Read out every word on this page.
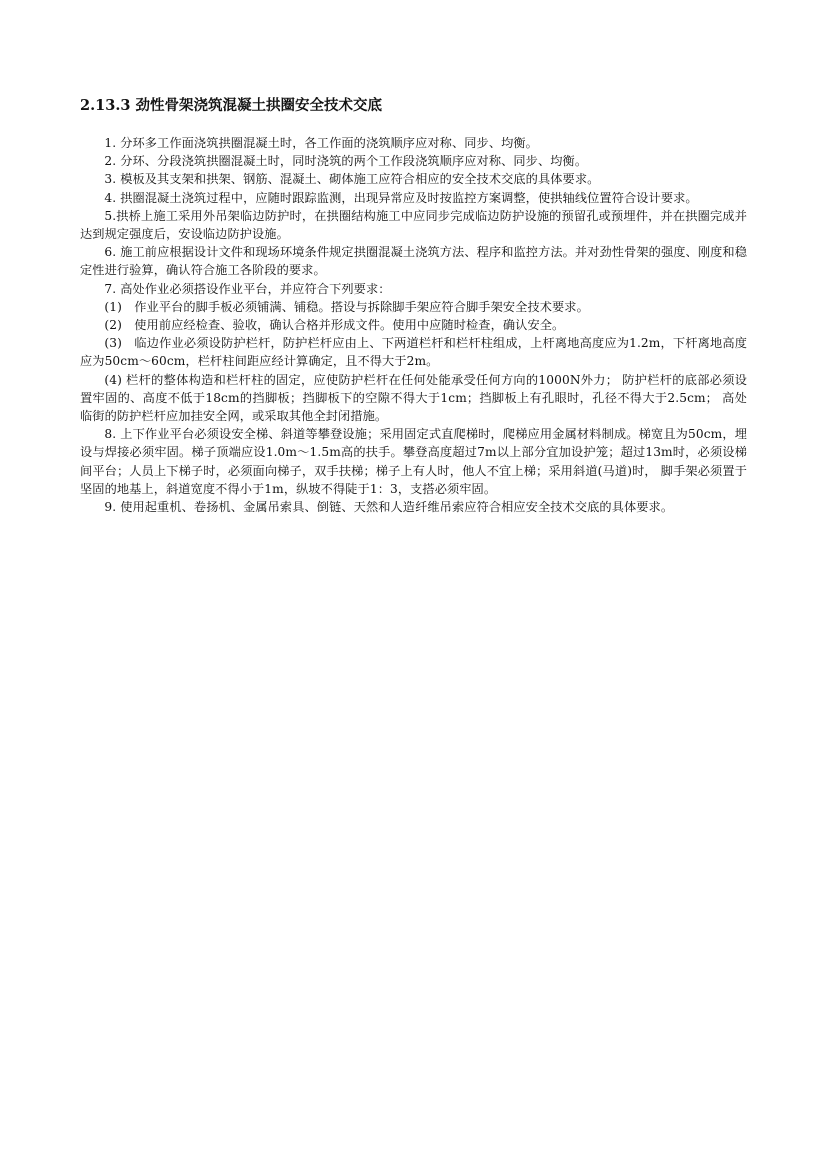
2.13.3 劲性骨架浇筑混凝土拱圈安全技术交底

1. 分环多工作面浇筑拱圈混凝土时，各工作面的浇筑顺序应对称、同步、均衡。

2. 分环、分段浇筑拱圈混凝土时，同时浇筑的两个工作段浇筑顺序应对称、同步、均衡。

3. 模板及其支架和拱架、钢筋、混凝土、砌体施工应符合相应的安全技术交底的具体要求。

4. 拱圈混凝土浇筑过程中，应随时跟踪监测，出现异常应及时按监控方案调整，使拱轴线位置符合设计要求。

5.拱桥上施工采用外吊架临边防护时，在拱圈结构施工中应同步完成临边防护设施的预留孔或预埋件，并在拱圈完成并达到规定强度后，安设临边防护设施。

6. 施工前应根据设计文件和现场环境条件规定拱圈混凝土浇筑方法、程序和监控方法。并对劲性骨架的强度、刚度和稳定性进行验算，确认符合施工各阶段的要求。

7. 高处作业必须搭设作业平台，并应符合下列要求：

(1)　作业平台的脚手板必须铺满、铺稳。搭设与拆除脚手架应符合脚手架安全技术要求。

(2)　使用前应经检查、验收，确认合格并形成文件。使用中应随时检查，确认安全。

(3)　临边作业必须设防护栏杆，防护栏杆应由上、下两道栏杆和栏杆柱组成，上杆离地高度应为1.2m，下杆离地高度应为50cm～60cm，栏杆柱间距应经计算确定，且不得大于2m。

(4) 栏杆的整体构造和栏杆柱的固定，应使防护栏杆在任何处能承受任何方向的1000N外力； 防护栏杆的底部必须设置牢固的、高度不低于18cm的挡脚板；挡脚板下的空隙不得大于1cm；挡脚板上有孔眼时，孔径不得大于2.5cm； 高处临街的防护栏杆应加挂安全网，或采取其他全封闭措施。

8. 上下作业平台必须设安全梯、斜道等攀登设施；采用固定式直爬梯时，爬梯应用金属材料制成。梯宽且为50cm，埋设与焊接必须牢固。梯子顶端应设1.0m～1.5m高的扶手。攀登高度超过7m以上部分宜加设护笼；超过13m时，必须设梯间平台；人员上下梯子时，必须面向梯子，双手扶梯；梯子上有人时，他人不宜上梯；采用斜道(马道)时， 脚手架必须置于坚固的地基上，斜道宽度不得小于1m，纵坡不得陡于1：3，支搭必须牢固。

9. 使用起重机、卷扬机、金属吊索具、倒链、天然和人造纤维吊索应符合相应安全技术交底的具体要求。
